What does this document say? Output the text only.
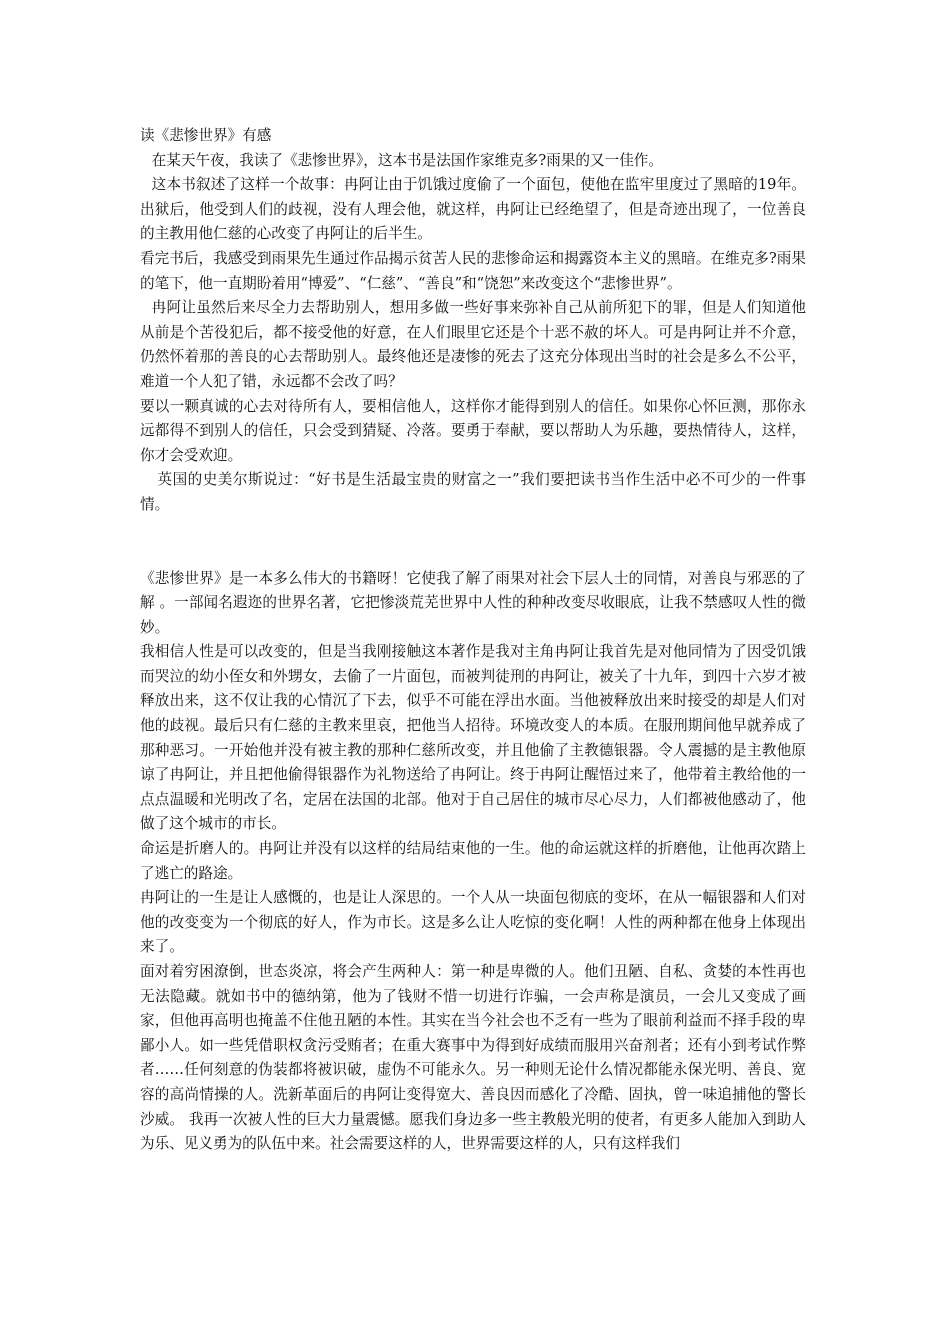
读《悲惨世界》有感

在某天午夜，我读了《悲惨世界》，这本书是法国作家维克多?雨果的又一佳作。

这本书叙述了这样一个故事：冉阿让由于饥饿过度偷了一个面包，使他在监牢里度过了黑暗的19年。出狱后，他受到人们的歧视，没有人理会他，就这样，冉阿让已经绝望了，但是奇迹出现了，一位善良的主教用他仁慈的心改变了冉阿让的后半生。

看完书后，我感受到雨果先生通过作品揭示贫苦人民的悲惨命运和揭露资本主义的黑暗。在维克多?雨果的笔下，他一直期盼着用“博爱”、“仁慈”、“善良”和“饶恕”来改变这个“悲惨世界”。

冉阿让虽然后来尽全力去帮助别人，想用多做一些好事来弥补自己从前所犯下的罪，但是人们知道他从前是个苦役犯后，都不接受他的好意，在人们眼里它还是个十恶不赦的坏人。可是冉阿让并不介意，仍然怀着那的善良的心去帮助别人。最终他还是凄惨的死去了这充分体现出当时的社会是多么不公平，难道一个人犯了错，永远都不会改了吗？

要以一颗真诚的心去对待所有人，要相信他人，这样你才能得到别人的信任。如果你心怀叵测，那你永远都得不到别人的信任，只会受到猜疑、冷落。要勇于奉献，要以帮助人为乐趣，要热情待人，这样，你才会受欢迎。

英国的史美尔斯说过：“好书是生活最宝贵的财富之一”我们要把读书当作生活中必不可少的一件事情。

《悲惨世界》是一本多么伟大的书籍呀！它使我了解了雨果对社会下层人士的同情，对善良与邪恶的了解 。一部闻名遐迩的世界名著，它把惨淡荒芜世界中人性的种种改变尽收眼底，让我不禁感叹人性的微妙。

我相信人性是可以改变的，但是当我刚接触这本著作是我对主角冉阿让我首先是对他同情为了因受饥饿而哭泣的幼小侄女和外甥女，去偷了一片面包，而被判徒刑的冉阿让，被关了十九年，到四十六岁才被释放出来，这不仅让我的心情沉了下去，似乎不可能在浮出水面。当他被释放出来时接受的却是人们对他的歧视。最后只有仁慈的主教来里哀，把他当人招待。环境改变人的本质。在服刑期间他早就养成了那种恶习。一开始他并没有被主教的那种仁慈所改变，并且他偷了主教德银器。令人震撼的是主教他原谅了冉阿让，并且把他偷得银器作为礼物送给了冉阿让。终于冉阿让醒悟过来了，他带着主教给他的一点点温暖和光明改了名，定居在法国的北部。他对于自己居住的城市尽心尽力，人们都被他感动了，他做了这个城市的市长。

命运是折磨人的。冉阿让并没有以这样的结局结束他的一生。他的命运就这样的折磨他，让他再次踏上了逃亡的路途。

冉阿让的一生是让人感慨的，也是让人深思的。一个人从一块面包彻底的变坏，在从一幅银器和人们对他的改变变为一个彻底的好人，作为市长。这是多么让人吃惊的变化啊！人性的两种都在他身上体现出来了。

面对着穷困潦倒，世态炎凉，将会产生两种人：第一种是卑微的人。他们丑陋、自私、贪婪的本性再也无法隐藏。就如书中的德纳第，他为了钱财不惜一切进行诈骗，一会声称是演员，一会儿又变成了画家，但他再高明也掩盖不住他丑陋的本性。其实在当今社会也不乏有一些为了眼前利益而不择手段的卑鄙小人。如一些凭借职权贪污受贿者；在重大赛事中为得到好成绩而服用兴奋剂者；还有小到考试作弊者……任何刻意的伪装都将被识破，虚伪不可能永久。另一种则无论什么情况都能永保光明、善良、宽容的高尚情操的人。洗新革面后的冉阿让变得宽大、善良因而感化了冷酷、固执，曾一味追捕他的警长沙威。 我再一次被人性的巨大力量震憾。愿我们身边多一些主教般光明的使者，有更多人能加入到助人为乐、见义勇为的队伍中来。社会需要这样的人，世界需要这样的人，只有这样我们
